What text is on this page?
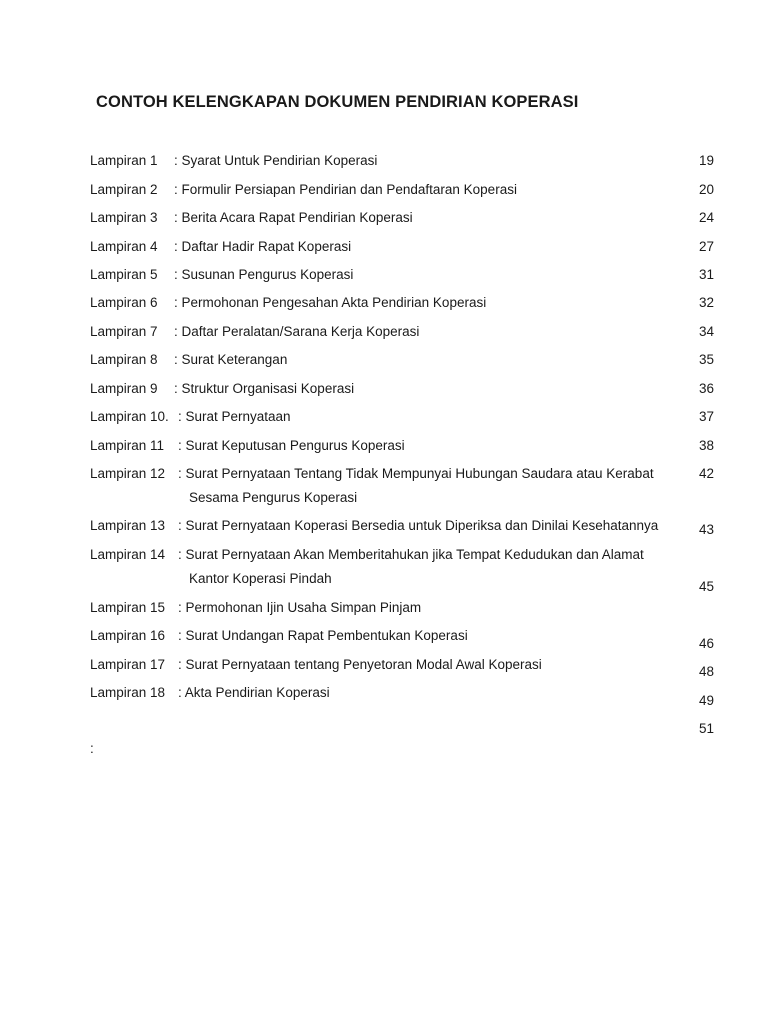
CONTOH KELENGKAPAN DOKUMEN PENDIRIAN KOPERASI
Lampiran 1 : Syarat Untuk Pendirian Koperasi
Lampiran 2 : Formulir Persiapan Pendirian dan Pendaftaran Koperasi
Lampiran 3 : Berita Acara Rapat Pendirian Koperasi
Lampiran 4 : Daftar Hadir Rapat Koperasi
Lampiran 5 : Susunan Pengurus Koperasi
Lampiran 6 : Permohonan Pengesahan Akta Pendirian Koperasi
Lampiran 7 : Daftar Peralatan/Sarana Kerja Koperasi
Lampiran 8 : Surat Keterangan
Lampiran 9 : Struktur Organisasi Koperasi
Lampiran 10. : Surat Pernyataan
Lampiran 11 : Surat Keputusan Pengurus Koperasi
Lampiran 12 : Surat Pernyataan Tentang Tidak Mempunyai Hubungan Saudara atau Kerabat
Sesama Pengurus Koperasi
Lampiran 13 : Surat Pernyataan Koperasi Bersedia untuk Diperiksa dan Dinilai Kesehatannya
Lampiran 14 : Surat Pernyataan Akan Memberitahukan jika Tempat Kedudukan dan Alamat
Kantor Koperasi Pindah
Lampiran 15 : Permohonan Ijin Usaha Simpan Pinjam
Lampiran 16 : Surat Undangan Rapat Pembentukan Koperasi
Lampiran 17 : Surat Pernyataan tentang Penyetoran Modal Awal Koperasi
Lampiran 18 : Akta Pendirian Koperasi
19
20
24
27
31
32
34
35
36
37
38
42
43
45
46
48
49
51
:
